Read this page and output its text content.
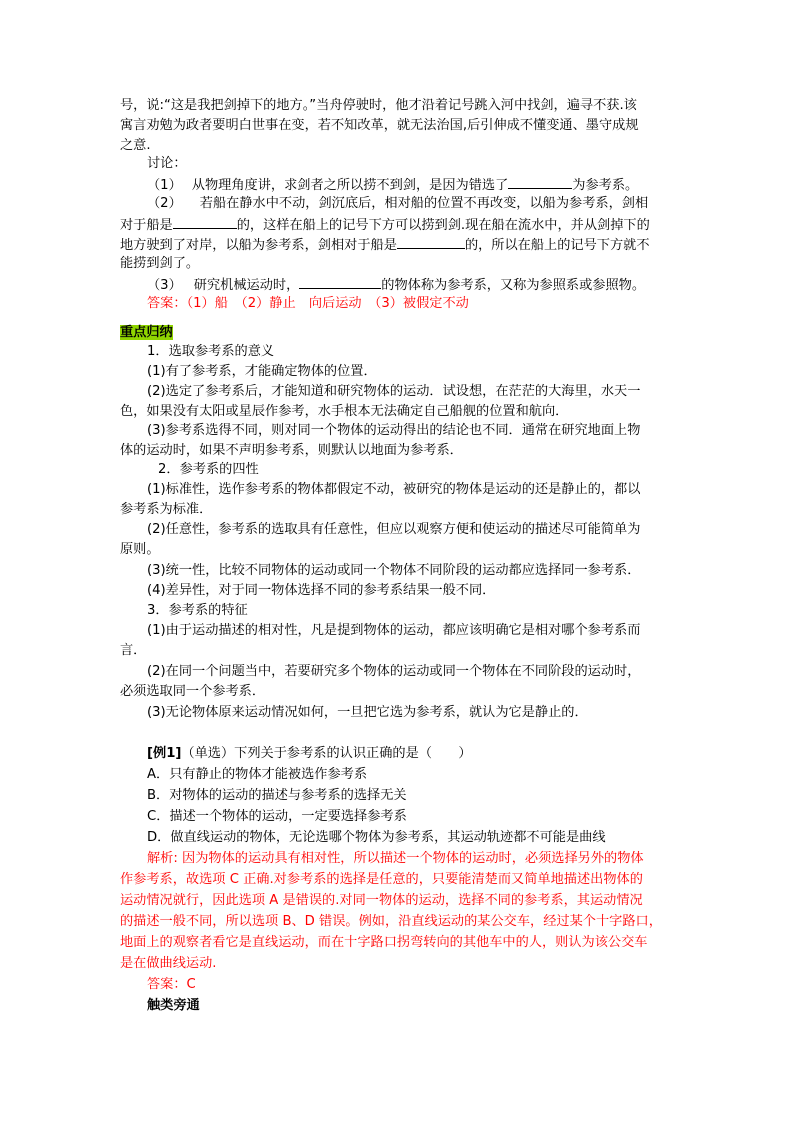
号，说:“这是我把剑掉下的地方。”当舟停驶时，他才沿着记号跳入河中找剑，遍寻不获.该
寓言劝勉为政者要明白世事在变，若不知改革，就无法治国,后引伸成不懂变通、墨守成规
之意.
讨论：
（1） 从物理角度讲，求剑者之所以捞不到剑，是因为错选了	为参考系。
（2） 若船在静水中不动，剑沉底后，相对船的位置不再改变，以船为参考系，剑相
对于船是	的，这样在船上的记号下方可以捞到剑.现在船在流水中，并从剑掉下的
地方驶到了对岸，以船为参考系，剑相对于船是	的，所以在船上的记号下方就不
能捞到剑了。
（3） 研究机械运动时，	的物体称为参考系，又称为参照系或参照物。
答案：（1）船　（2）静止　向后运动　（3）被假定不动
重点归纳
1．选取参考系的意义
(1)有了参考系，才能确定物体的位置．
(2)选定了参考系后，才能知道和研究物体的运动．试设想，在茫茫的大海里，水天一
色，如果没有太阳或星辰作参考，水手根本无法确定自己船舰的位置和航向．
(3)参考系选得不同，则对同一个物体的运动得出的结论也不同．通常在研究地面上物
体的运动时，如果不声明参考系，则默认以地面为参考系．
2．参考系的四性
(1)标准性，选作参考系的物体都假定不动，被研究的物体是运动的还是静止的，都以
参考系为标准．
(2)任意性，参考系的选取具有任意性，但应以观察方便和使运动的描述尽可能简单为
原则。
(3)统一性，比较不同物体的运动或同一个物体不同阶段的运动都应选择同一参考系．
(4)差异性，对于同一物体选择不同的参考系结果一般不同．
3．参考系的特征
(1)由于运动描述的相对性，凡是提到物体的运动，都应该明确它是相对哪个参考系而
言．
(2)在同一个问题当中，若要研究多个物体的运动或同一个物体在不同阶段的运动时，
必须选取同一个参考系．
(3)无论物体原来运动情况如何，一旦把它选为参考系，就认为它是静止的．
[例1]（单选）下列关于参考系的认识正确的是（　　）
A．只有静止的物体才能被选作参考系
B．对物体的运动的描述与参考系的选择无关
C．描述一个物体的运动，一定要选择参考系
D．做直线运动的物体，无论选哪个物体为参考系，其运动轨迹都不可能是曲线
解析: 因为物体的运动具有相对性，所以描述一个物体的运动时，必须选择另外的物体
作参考系，故选项 C 正确.对参考系的选择是任意的，只要能清楚而又简单地描述出物体的
运动情况就行，因此选项 A 是错误的.对同一物体的运动，选择不同的参考系，其运动情况
的描述一般不同，所以选项 B、D 错误。例如，沿直线运动的某公交车，经过某个十字路口，
地面上的观察者看它是直线运动，而在十字路口拐弯转向的其他车中的人，则认为该公交车
是在做曲线运动.
答案：C
触类旁通
